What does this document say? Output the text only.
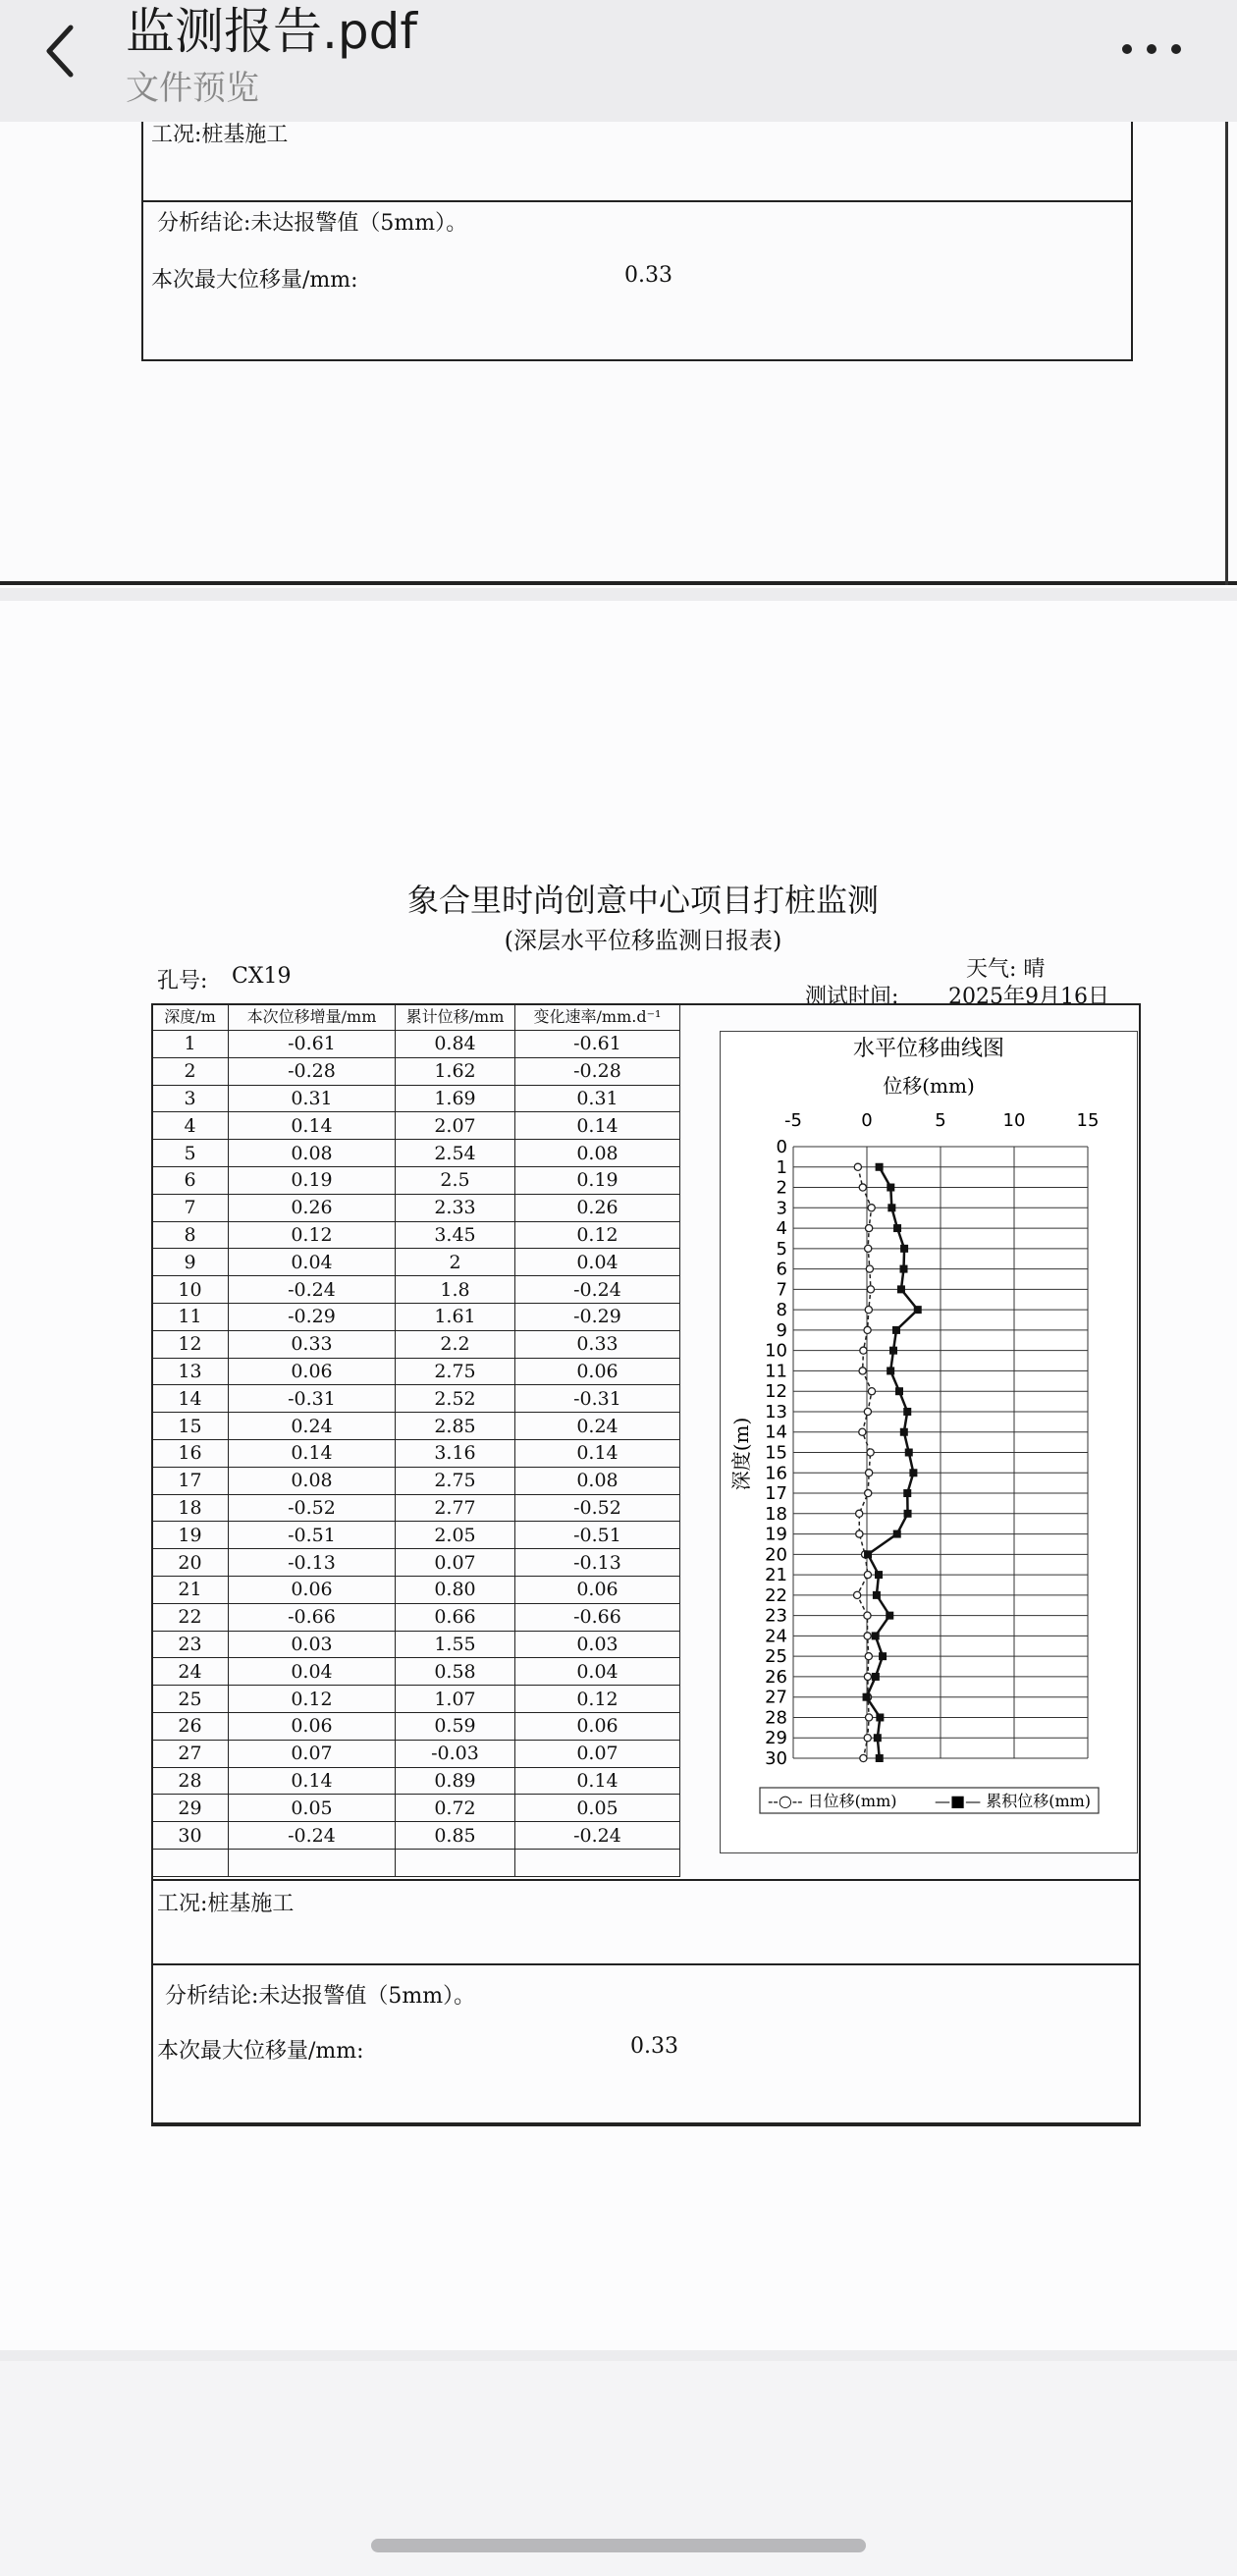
监测报告.pdf
文件预览
工况:桩基施工
分析结论:未达报警值（5mm）。
本次最大位移量/mm:	0.33
象合里时尚创意中心项目打桩监测
(深层水平位移监测日报表)
孔号: CX19	天气: 晴
测试时间: 2025年9月16日
深度/m	本次位移增量/mm	累计位移/mm	变化速率/mm.d⁻¹
1	-0.61	0.84	-0.61
2	-0.28	1.62	-0.28
3	0.31	1.69	0.31
4	0.14	2.07	0.14
5	0.08	2.54	0.08
6	0.19	2.5	0.19
7	0.26	2.33	0.26
8	0.12	3.45	0.12
9	0.04	2	0.04
10	-0.24	1.8	-0.24
11	-0.29	1.61	-0.29
12	0.33	2.2	0.33
13	0.06	2.75	0.06
14	-0.31	2.52	-0.31
15	0.24	2.85	0.24
16	0.14	3.16	0.14
17	0.08	2.75	0.08
18	-0.52	2.77	-0.52
19	-0.51	2.05	-0.51
20	-0.13	0.07	-0.13
21	0.06	0.80	0.06
22	-0.66	0.66	-0.66
23	0.03	1.55	0.03
24	0.04	0.58	0.04
25	0.12	1.07	0.12
26	0.06	0.59	0.06
27	0.07	-0.03	0.07
28	0.14	0.89	0.14
29	0.05	0.72	0.05
30	-0.24	0.85	-0.24

水平位移曲线图
位移(mm)
-5	0	5	10	15
0
1
2
3
4
5
6
7
8
9
10
11
12
13
14
15
16
17
18
19
20
21
22
23
24
25
26
27
28
29
30
深度(m)
--○-- 日位移(mm) —■— 累积位移(mm)
工况:桩基施工
分析结论:未达报警值（5mm）。
本次最大位移量/mm:	0.33
